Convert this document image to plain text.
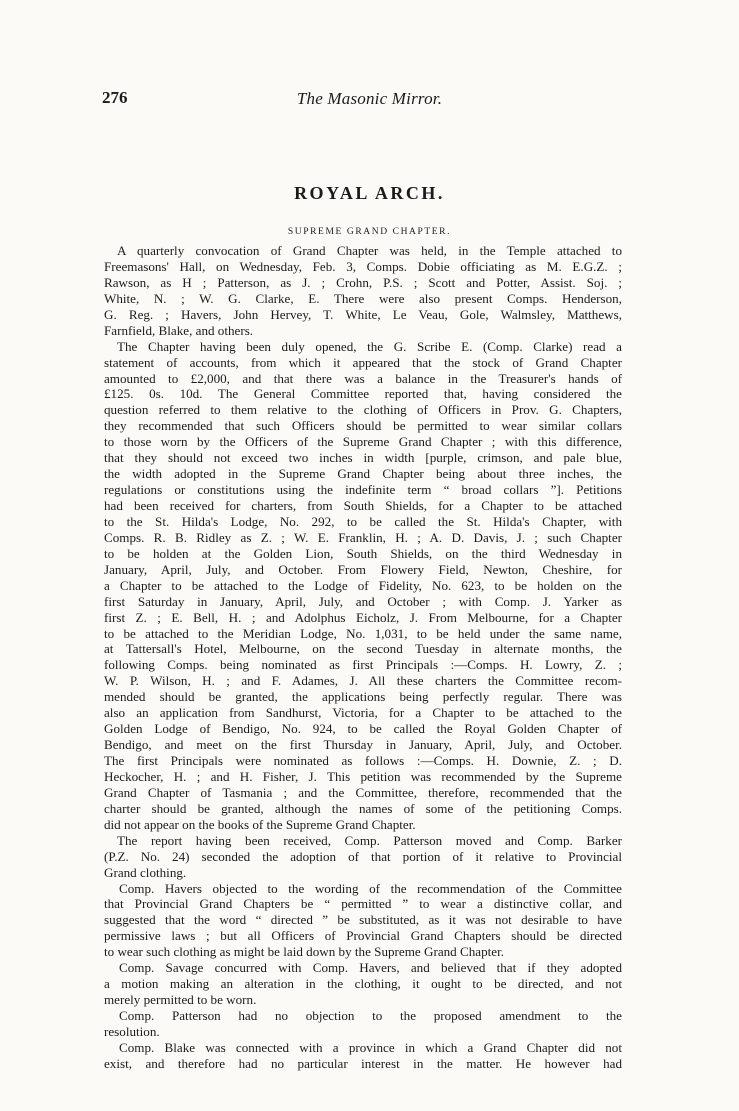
276	The Masonic Mirror.
ROYAL ARCH.
SUPREME GRAND CHAPTER.
A quarterly convocation of Grand Chapter was held, in the Temple attached to
Freemasons' Hall, on Wednesday, Feb. 3, Comps. Dobie officiating as M. E.G.Z. ;
Rawson, as H ; Patterson, as J. ; Crohn, P.S. ; Scott and Potter, Assist. Soj. ;
White, N. ; W. G. Clarke, E. There were also present Comps. Henderson,
G. Reg. ; Havers, John Hervey, T. White, Le Veau, Gole, Walmsley, Matthews,
Farnfield, Blake, and others.
The Chapter having been duly opened, the G. Scribe E. (Comp. Clarke) read a
statement of accounts, from which it appeared that the stock of Grand Chapter
amounted to £2,000, and that there was a balance in the Treasurer's hands of
£125. 0s. 10d. The General Committee reported that, having considered the
question referred to them relative to the clothing of Officers in Prov. G. Chapters,
they recommended that such Officers should be permitted to wear similar collars
to those worn by the Officers of the Supreme Grand Chapter ; with this difference,
that they should not exceed two inches in width [purple, crimson, and pale blue,
the width adopted in the Supreme Grand Chapter being about three inches, the
regulations or constitutions using the indefinite term “ broad collars ”]. Petitions
had been received for charters, from South Shields, for a Chapter to be attached
to the St. Hilda's Lodge, No. 292, to be called the St. Hilda's Chapter, with
Comps. R. B. Ridley as Z. ; W. E. Franklin, H. ; A. D. Davis, J. ; such Chapter
to be holden at the Golden Lion, South Shields, on the third Wednesday in
January, April, July, and October. From Flowery Field, Newton, Cheshire, for
a Chapter to be attached to the Lodge of Fidelity, No. 623, to be holden on the
first Saturday in January, April, July, and October ; with Comp. J. Yarker as
first Z. ; E. Bell, H. ; and Adolphus Eicholz, J. From Melbourne, for a Chapter
to be attached to the Meridian Lodge, No. 1,031, to be held under the same name,
at Tattersall's Hotel, Melbourne, on the second Tuesday in alternate months, the
following Comps. being nominated as first Principals :—Comps. H. Lowry, Z. ;
W. P. Wilson, H. ; and F. Adames, J. All these charters the Committee recom-
mended should be granted, the applications being perfectly regular. There was
also an application from Sandhurst, Victoria, for a Chapter to be attached to the
Golden Lodge of Bendigo, No. 924, to be called the Royal Golden Chapter of
Bendigo, and meet on the first Thursday in January, April, July, and October.
The first Principals were nominated as follows :—Comps. H. Downie, Z. ; D.
Heckocher, H. ; and H. Fisher, J. This petition was recommended by the Supreme
Grand Chapter of Tasmania ; and the Committee, therefore, recommended that the
charter should be granted, although the names of some of the petitioning Comps.
did not appear on the books of the Supreme Grand Chapter.
The report having been received, Comp. Patterson moved and Comp. Barker
(P.Z. No. 24) seconded the adoption of that portion of it relative to Provincial
Grand clothing.
Comp. Havers objected to the wording of the recommendation of the Committee
that Provincial Grand Chapters be “ permitted ” to wear a distinctive collar, and
suggested that the word “ directed ” be substituted, as it was not desirable to have
permissive laws ; but all Officers of Provincial Grand Chapters should be directed
to wear such clothing as might be laid down by the Supreme Grand Chapter.
Comp. Savage concurred with Comp. Havers, and believed that if they adopted
a motion making an alteration in the clothing, it ought to be directed, and not
merely permitted to be worn.
Comp. Patterson had no objection to the proposed amendment to the
resolution.
Comp. Blake was connected with a province in which a Grand Chapter did not
exist, and therefore had no particular interest in the matter. He however had
